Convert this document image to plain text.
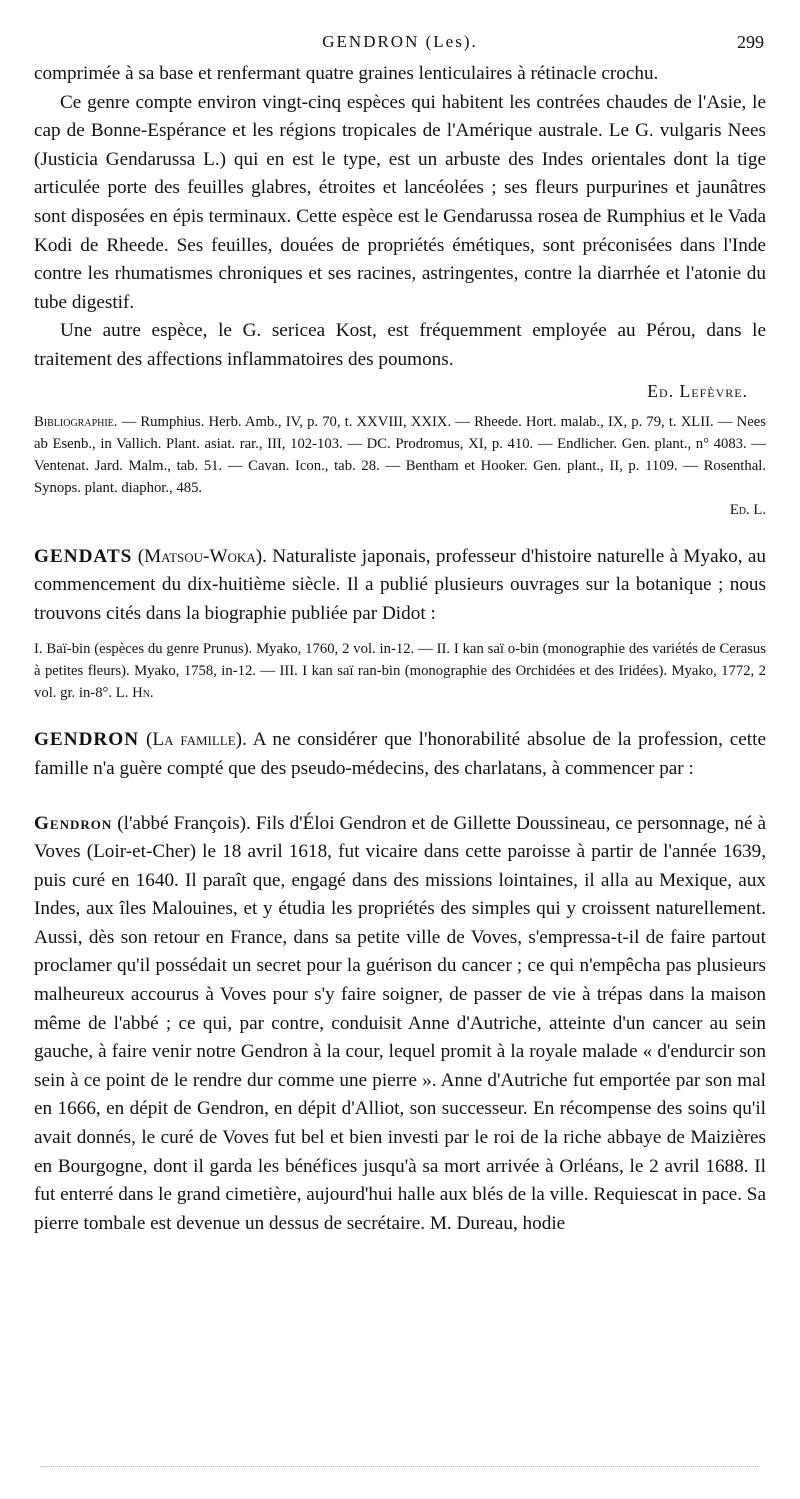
GENDRON (Les).	299

comprimée à sa base et renfermant quatre graines lenticulaires à rétinacle crochu.

Ce genre compte environ vingt-cinq espèces qui habitent les contrées chaudes de l'Asie, le cap de Bonne-Espérance et les régions tropicales de l'Amérique australe. Le G. vulgaris Nees (Justicia Gendarussa L.) qui en est le type, est un arbuste des Indes orientales dont la tige articulée porte des feuilles glabres, étroites et lancéolées ; ses fleurs purpurines et jaunâtres sont disposées en épis terminaux. Cette espèce est le Gendarussa rosea de Rumphius et le Vada Kodi de Rheede. Ses feuilles, douées de propriétés émétiques, sont préconisées dans l'Inde contre les rhumatismes chroniques et ses racines, astringentes, contre la diarrhée et l'atonie du tube digestif.

Une autre espèce, le G. sericea Kost, est fréquemment employée au Pérou, dans le traitement des affections inflammatoires des poumons.

Ed. Lefèvre.

Bibliographie. — Rumphius. Herb. Amb., IV, p. 70, t. XXVIII, XXIX. — Rheede. Hort. malab., IX, p. 79, t. XLII. — Nees ab Esenb., in Vallich. Plant. asiat. rar., III, 102-103. — DC. Prodromus, XI, p. 410. — Endlicher. Gen. plant., n° 4083. — Ventenat. Jard. Malm., tab. 51. — Cavan. Icon., tab. 28. — Bentham et Hooker. Gen. plant., II, p. 1109. — Rosenthal. Synops. plant. diaphor., 485.
Ed. L.

GENDATS (Matsou-Woka). Naturaliste japonais, professeur d'histoire naturelle à Myako, au commencement du dix-huitième siècle. Il a publié plusieurs ouvrages sur la botanique ; nous trouvons cités dans la biographie publiée par Didot :

I. Baï-bin (espèces du genre Prunus). Myako, 1760, 2 vol. in-12. — II. I kan saï o-bin (monographie des variétés de Cerasus à petites fleurs). Myako, 1758, in-12. — III. I kan saï ran-bin (monographie des Orchidées et des Iridées). Myako, 1772, 2 vol. gr. in-8°. L. Hn.

GENDRON (La famille). A ne considérer que l'honorabilité absolue de la profession, cette famille n'a guère compté que des pseudo-médecins, des charlatans, à commencer par :

Gendron (l'abbé François). Fils d'Éloi Gendron et de Gillette Doussineau, ce personnage, né à Voves (Loir-et-Cher) le 18 avril 1618, fut vicaire dans cette paroisse à partir de l'année 1639, puis curé en 1640. Il paraît que, engagé dans des missions lointaines, il alla au Mexique, aux Indes, aux îles Malouines, et y étudia les propriétés des simples qui y croissent naturellement. Aussi, dès son retour en France, dans sa petite ville de Voves, s'empressa-t-il de faire partout proclamer qu'il possédait un secret pour la guérison du cancer ; ce qui n'empêcha pas plusieurs malheureux accourus à Voves pour s'y faire soigner, de passer de vie à trépas dans la maison même de l'abbé ; ce qui, par contre, conduisit Anne d'Autriche, atteinte d'un cancer au sein gauche, à faire venir notre Gendron à la cour, lequel promit à la royale malade « d'endurcir son sein à ce point de le rendre dur comme une pierre ». Anne d'Autriche fut emportée par son mal en 1666, en dépit de Gendron, en dépit d'Alliot, son successeur. En récompense des soins qu'il avait donnés, le curé de Voves fut bel et bien investi par le roi de la riche abbaye de Maizières en Bourgogne, dont il garda les bénéfices jusqu'à sa mort arrivée à Orléans, le 2 avril 1688. Il fut enterré dans le grand cimetière, aujourd'hui halle aux blés de la ville. Requiescat in pace. Sa pierre tombale est devenue un dessus de secrétaire. M. Dureau, hodie
